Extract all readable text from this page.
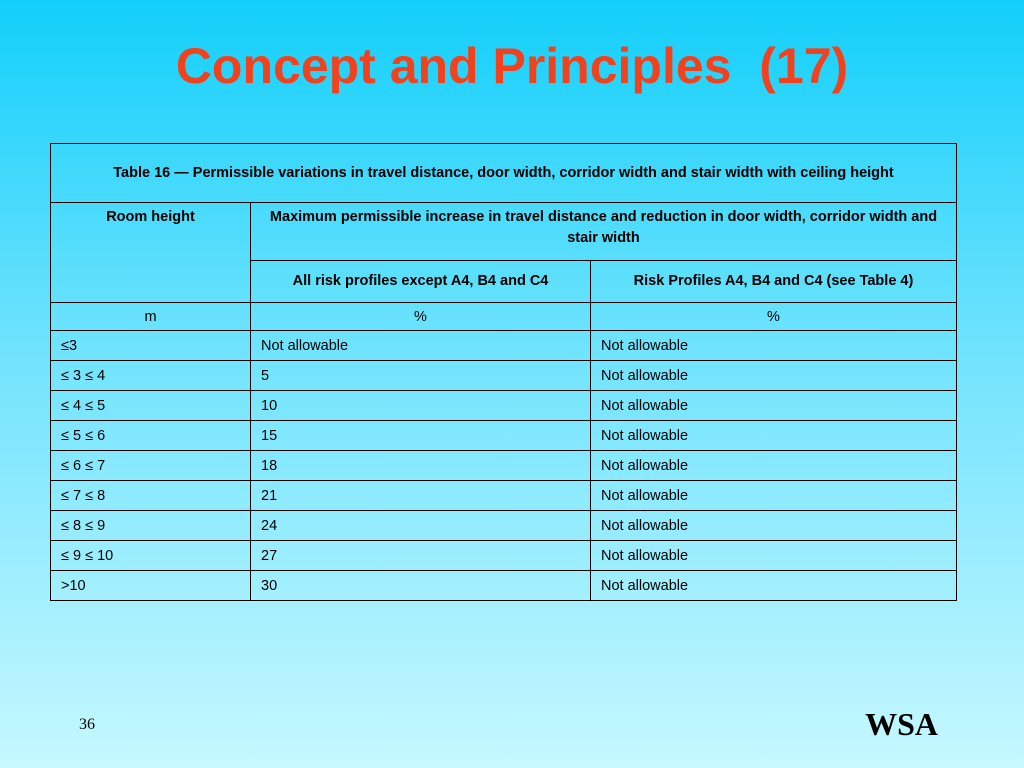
Concept and Principles  (17)
Table 16 — Permissible variations in travel distance, door width, corridor width and stair width with ceiling height		
Room height	Maximum permissible increase in travel distance and reduction in door width, corridor width and stair width	
	All risk profiles except A4, B4 and C4	Risk Profiles A4, B4 and C4 (see Table 4)
m	%	%
≤3	Not allowable	Not allowable
≤ 3 ≤ 4	5	Not allowable
≤ 4 ≤ 5	10	Not allowable
≤ 5 ≤ 6	15	Not allowable
≤ 6 ≤ 7	18	Not allowable
≤ 7 ≤ 8	21	Not allowable
≤ 8 ≤ 9	24	Not allowable
≤ 9 ≤ 10	27	Not allowable
>10	30	Not allowable
36	WSA
